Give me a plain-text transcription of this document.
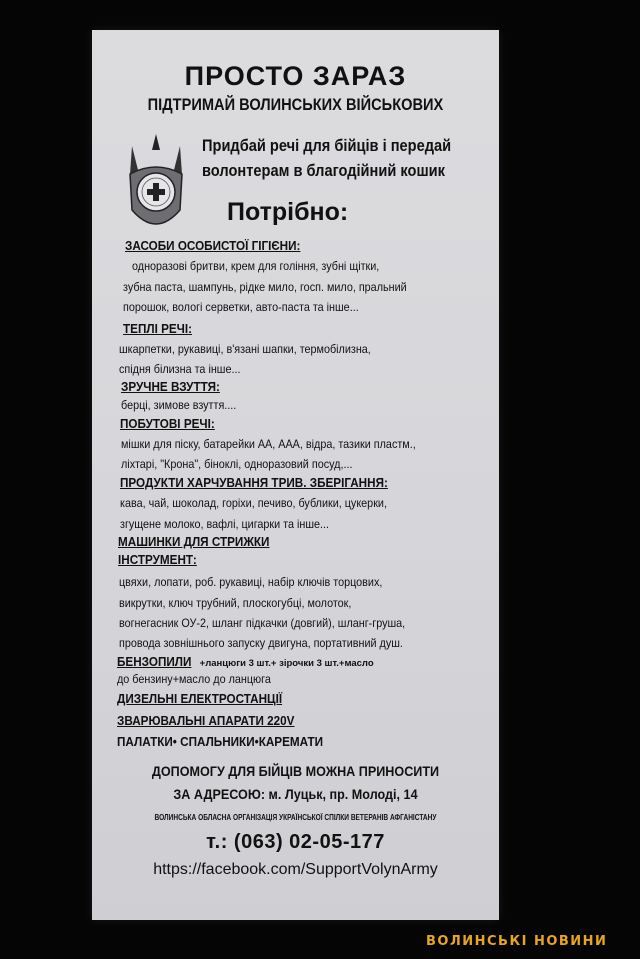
ПРОСТО ЗАРАЗ
ПІДТРИМАЙ ВОЛИНСЬКИХ ВІЙСЬКОВИХ
Придбай речі для бійців і передай
волонтерам в благодійний кошик
Потрібно:
ЗАСОБИ ОСОБИСТОЇ ГІГІЄНИ:
одноразові бритви, крем для гоління, зубні щітки,
зубна паста, шампунь, рідке мило, госп. мило, пральний
порошок, вологі серветки, авто-паста та інше...
ТЕПЛІ РЕЧІ:
шкарпетки, рукавиці, в'язані шапки, термобілизна,
спідня білизна та інше...
ЗРУЧНЕ ВЗУТТЯ:
берці, зимове взуття....
ПОБУТОВІ РЕЧІ:
мішки для піску, батарейки АА, ААА, відра, тазики пластм.,
ліхтарі, "Крона", біноклі, одноразовий посуд,...
ПРОДУКТИ ХАРЧУВАННЯ ТРИВ. ЗБЕРІГАННЯ:
кава, чай, шоколад, горіхи, печиво, бублики, цукерки,
згущене молоко, вафлі, цигарки та інше...
МАШИНКИ ДЛЯ СТРИЖКИ
ІНСТРУМЕНТ:
цвяхи, лопати, роб. рукавиці, набір ключів торцових,
викрутки, ключ трубний, плоскогубці, молоток,
вогнегасник ОУ-2, шланг підкачки (довгий), шланг-груша,
провода зовнішнього запуску двигуна, портативний душ.
БЕНЗОПИЛИ +ланцюги 3 шт.+ зірочки 3 шт.+масло
до бензину+масло до ланцюга
ДИЗЕЛЬНІ ЕЛЕКТРОСТАНЦІЇ
ЗВАРЮВАЛЬНІ АПАРАТИ 220V
ПАЛАТКИ• СПАЛЬНИКИ•КАРЕМАТИ
ДОПОМОГУ ДЛЯ БІЙЦІВ МОЖНА ПРИНОСИТИ
ЗА АДРЕСОЮ: м. Луцьк, пр. Молоді, 14
ВОЛИНСЬКА ОБЛАСНА ОРГАНІЗАЦІЯ УКРАЇНСЬКОЇ СПІЛКИ ВЕТЕРАНІВ АФГАНІСТАНУ
т.: (063) 02-05-177
https://facebook.com/SupportVolynArmy
ВОЛИНСЬКІ НОВИНИ
